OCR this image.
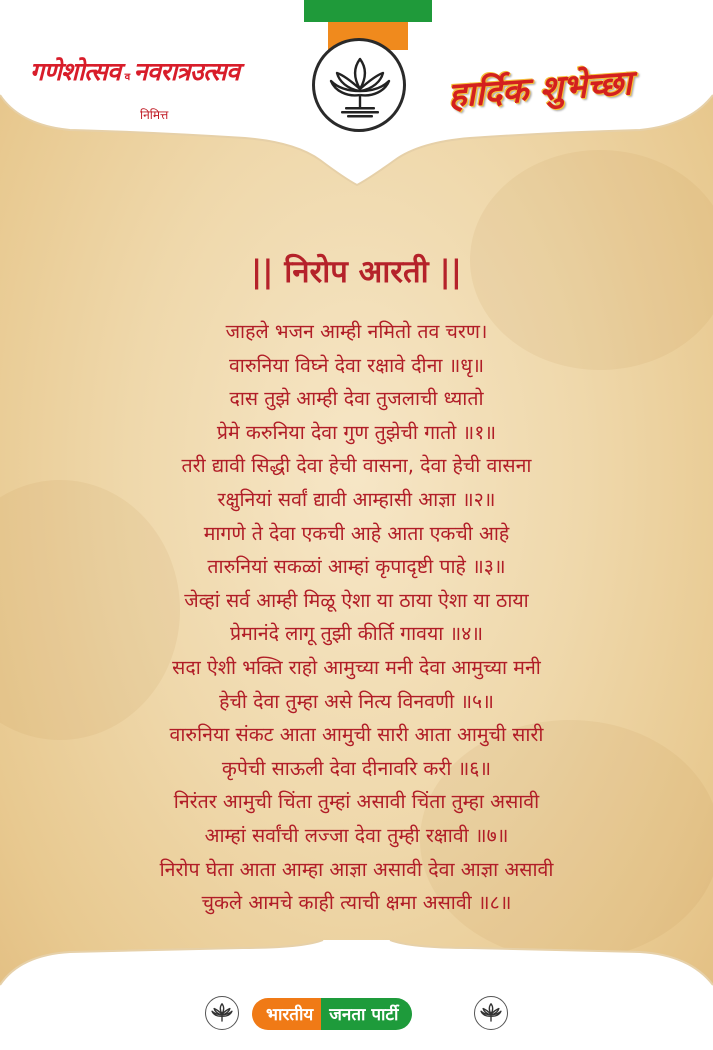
गणेशोत्सव व नवरात्रउत्सव
निमित्त	हार्दिक शुभेच्छा
|| निरोप आरती ||
जाहले भजन आम्ही नमितो तव चरण।
वारुनिया विघ्ने देवा रक्षावे दीना ॥धृ॥
दास तुझे आम्ही देवा तुजलाची ध्यातो
प्रेमे करुनिया देवा गुण तुझेची गातो ॥१॥
तरी द्यावी सिद्धी देवा हेची वासना, देवा हेची वासना
रक्षुनियां सर्वां द्यावी आम्हासी आज्ञा ॥२॥
मागणे ते देवा एकची आहे आता एकची आहे
तारुनियां सकळां आम्हां कृपादृष्टी पाहे ॥३॥
जेव्हां सर्व आम्ही मिळू ऐशा या ठाया ऐशा या ठाया
प्रेमानंदे लागू तुझी कीर्ति गावया ॥४॥
सदा ऐशी भक्ति राहो आमुच्या मनी देवा आमुच्या मनी
हेची देवा तुम्हा असे नित्य विनवणी ॥५॥
वारुनिया संकट आता आमुची सारी आता आमुची सारी
कृपेची साऊली देवा दीनावरि करी ॥६॥
निरंतर आमुची चिंता तुम्हां असावी चिंता तुम्हा असावी
आम्हां सर्वांची लज्जा देवा तुम्ही रक्षावी ॥७॥
निरोप घेता आता आम्हा आज्ञा असावी देवा आज्ञा असावी
चुकले आमचे काही त्याची क्षमा असावी ॥८॥
भारतीय जनता पार्टी
